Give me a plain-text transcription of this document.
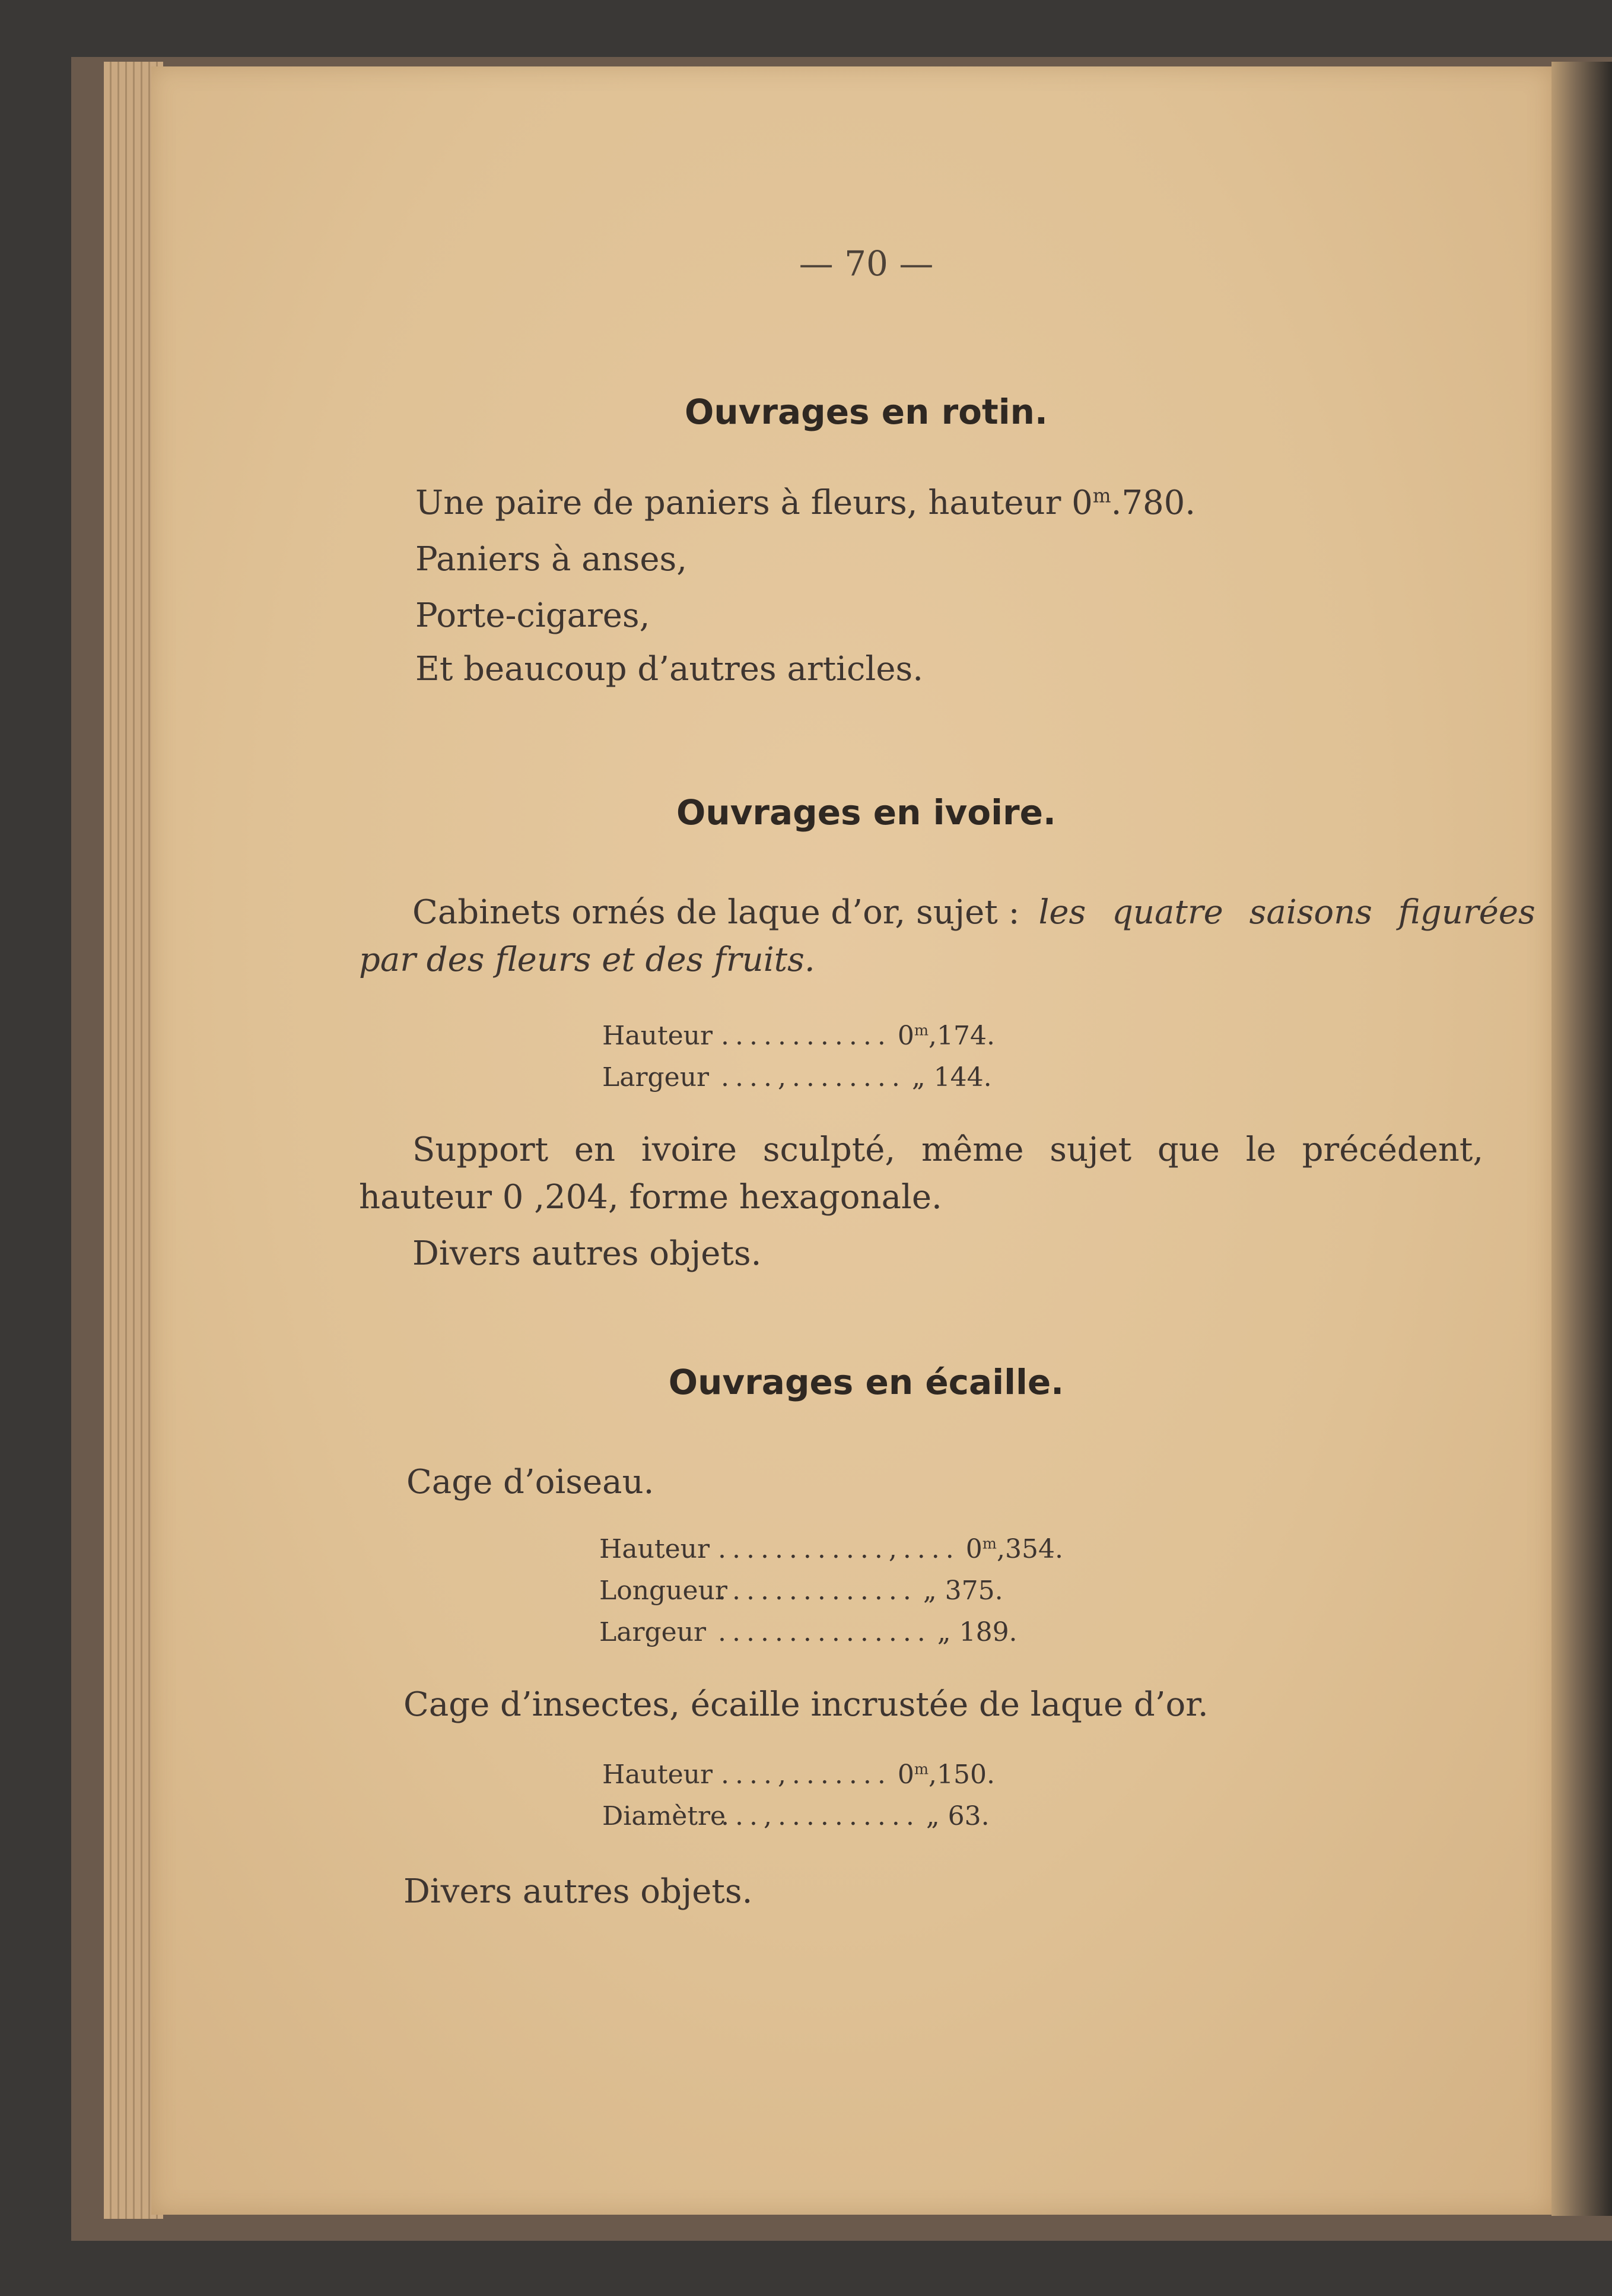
— 70 —
Ouvrages en rotin.
Une paire de paniers à fleurs, hauteur 0$^m$.780.
Paniers à anses,
Porte-cigares,
Et beaucoup d’autres articles.
Ouvrages en ivoire.
Cabinets ornés de laque d’or, sujet : les quatre saisons figurées
par des fleurs et des fruits.
Hauteur ............ 0$^m$,174.
Largeur ....,........ „ 144.
Support en ivoire sculpté, même sujet que le précédent,
hauteur 0 ,204, forme hexagonale.
Divers autres objets.
Ouvrages en écaille.
Cage d’oiseau.
Hauteur ............,.... 0$^m$,354.
Longueur.............. „ 375.
Largeur ............... „ 189.
Cage d’insectes, écaille incrustée de laque d’or.
Hauteur ....,....... 0$^m$,150.
Diamètre...,.......... „ 63.
Divers autres objets.
